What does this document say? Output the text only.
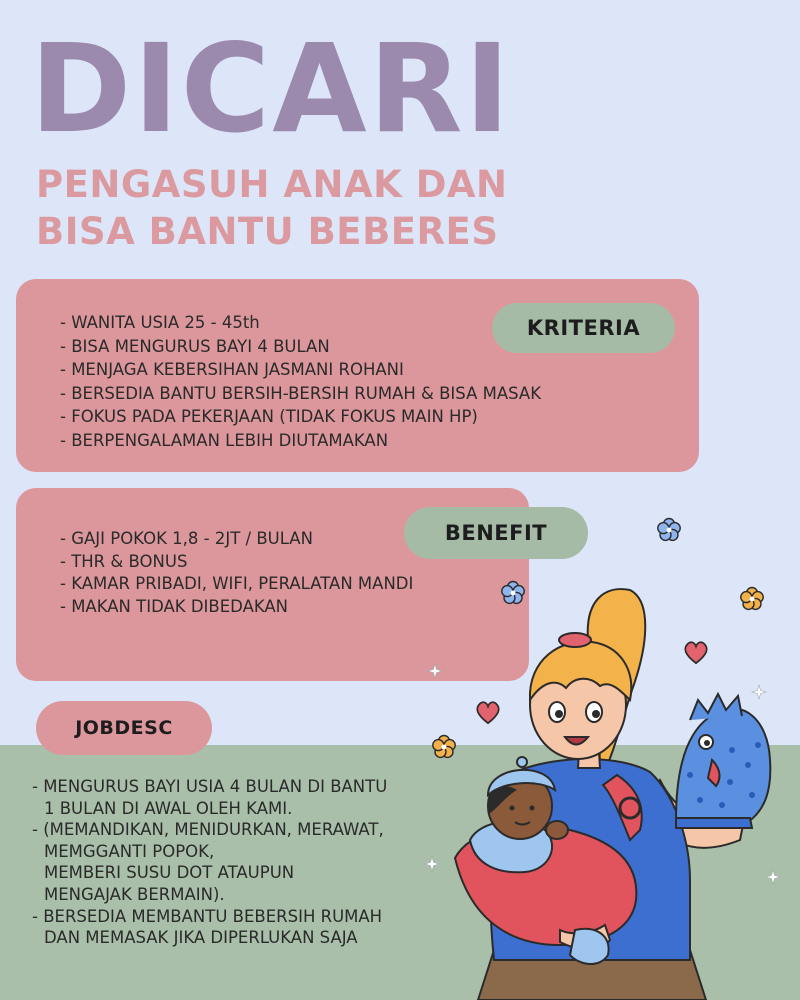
DICARI
PENGASUH ANAK DAN
BISA BANTU BEBERES
- WANITA USIA 25 - 45th
- BISA MENGURUS BAYI 4 BULAN
- MENJAGA KEBERSIHAN JASMANI ROHANI
- BERSEDIA BANTU BERSIH-BERSIH RUMAH & BISA MASAK
- FOKUS PADA PEKERJAAN (TIDAK FOKUS MAIN HP)
- BERPENGALAMAN LEBIH DIUTAMAKAN
KRITERIA
- GAJI POKOK 1,8 - 2JT / BULAN
- THR & BONUS
- KAMAR PRIBADI, WIFI, PERALATAN MANDI
- MAKAN TIDAK DIBEDAKAN
BENEFIT
JOBDESC
- MENGURUS BAYI USIA 4 BULAN DI BANTU
1 BULAN DI AWAL OLEH KAMI.
- (MEMANDIKAN, MENIDURKAN, MERAWAT,
MEMGGANTI POPOK,
MEMBERI SUSU DOT ATAUPUN
MENGAJAK BERMAIN).
- BERSEDIA MEMBANTU BEBERSIH RUMAH
DAN MEMASAK JIKA DIPERLUKAN SAJA
